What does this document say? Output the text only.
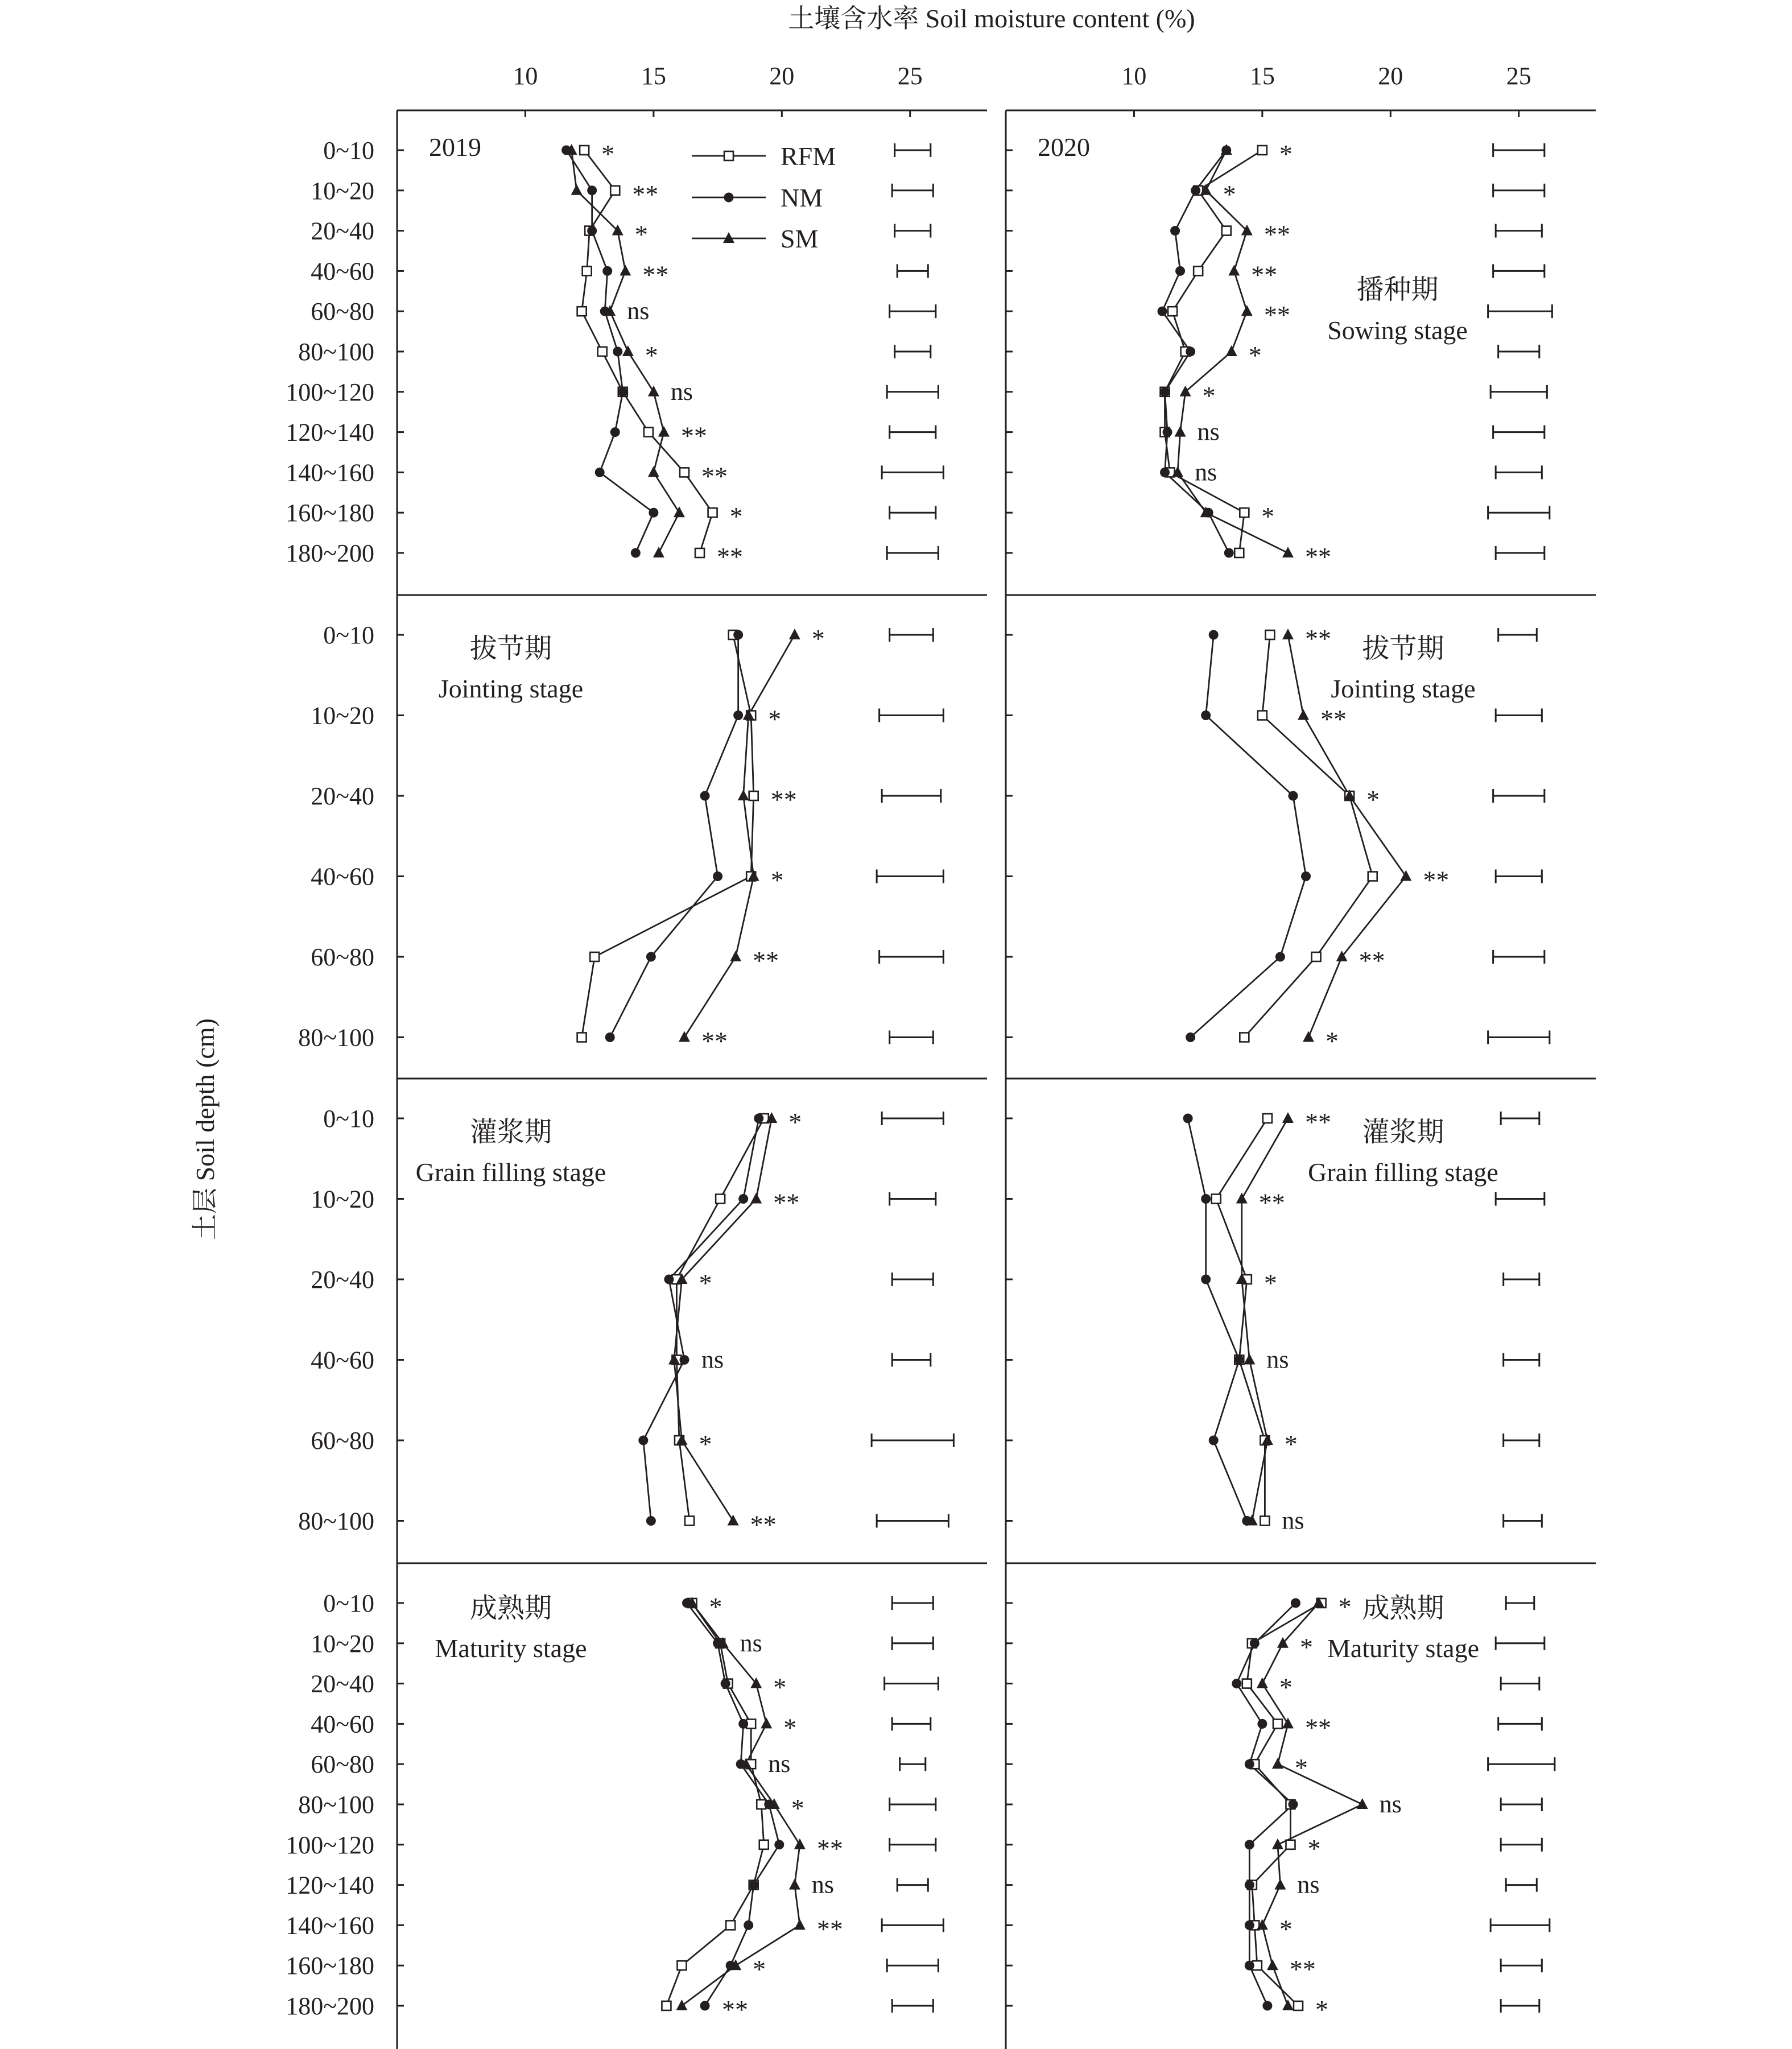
土壤含水率 Soil moisture content (%)
土层 Soil depth (cm)
10	15	20	25	10	15	20	25
0~10
10~20
20~40
40~60
60~80
80~100
100~120
120~140
140~160
160~180
180~200
*
**
*
**
ns
*
ns
**
**
*
**
2019	*
*
**
**
**
*
*
ns
ns
*
**
2020
播种期
Sowing stage
0~10
10~20
20~40
40~60
60~80
80~100
*
*
**
*
**
**
拔节期
Jointing stage
**
**
*
**
**
*
拔节期
Jointing stage
0~10
10~20
20~40
40~60
60~80
80~100
*
**
*
ns
*
**
灌浆期
Grain filling stage
**
**
*
ns
*
ns
灌浆期
Grain filling stage
0~10
10~20
20~40
40~60
60~80
80~100
100~120
120~140
140~160
160~180
180~200
*
ns
*
*
ns
*
**
ns
**
*
**
成熟期
Maturity stage
*
*
*
**
*
ns
*
ns
*
**
*
成熟期
Maturity stage
RFM
NM
SM
